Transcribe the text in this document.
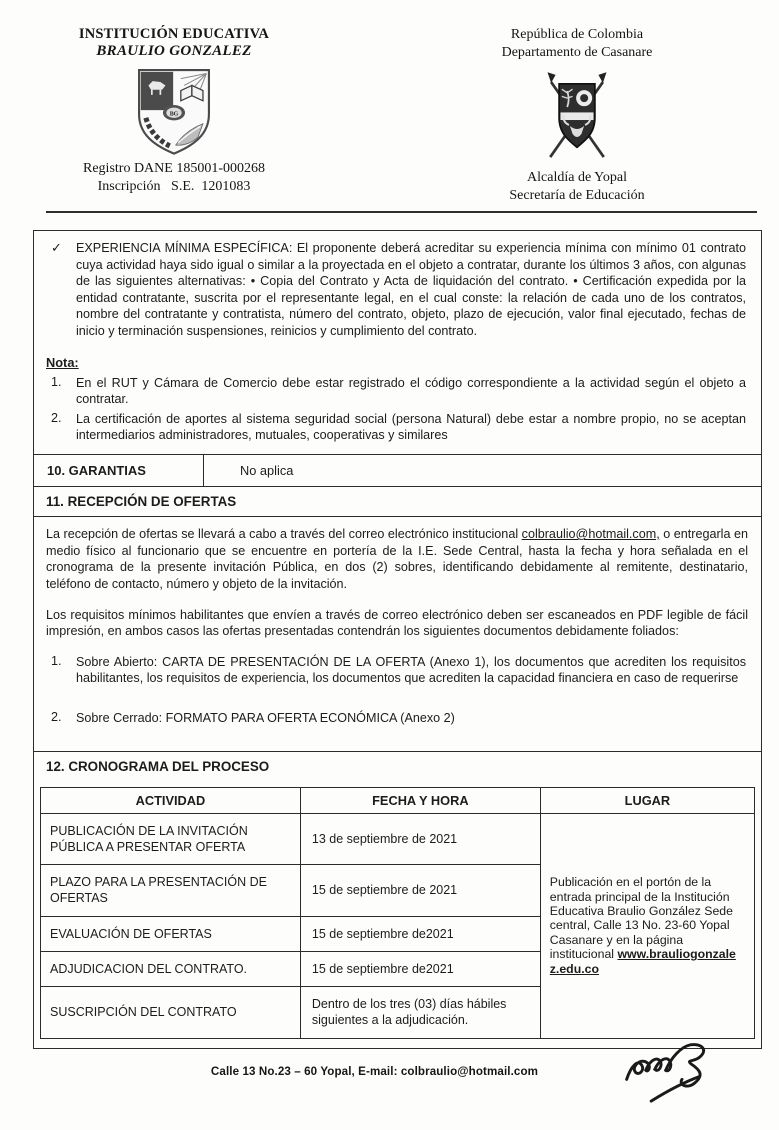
INSTITUCIÓN EDUCATIVA
BRAULIO GONZALEZ
BG
Registro DANE 185001-000268
Inscripción   S.E.  1201083
República de Colombia
Departamento de Casanare
Alcaldía de Yopal
Secretaría de Educación
✓	EXPERIENCIA MÍNIMA ESPECÍFICA: El proponente deberá acreditar su experiencia mínima con mínimo 01 contrato cuya actividad haya sido igual o similar a la proyectada en el objeto a contratar, durante los últimos 3 años, con algunas de las siguientes alternativas: • Copia del Contrato y Acta de liquidación del contrato. • Certificación expedida por la entidad contratante, suscrita por el representante legal, en el cual conste: la relación de cada uno de los contratos, nombre del contratante y contratista, número del contrato, objeto, plazo de ejecución, valor final ejecutado, fechas de inicio y terminación suspensiones, reinicios y cumplimiento del contrato.

Nota:
1.	En el RUT y Cámara de Comercio debe estar registrado el código correspondiente a la actividad según el objeto a contratar.

2.	La certificación de aportes al sistema seguridad social (persona Natural) debe estar a nombre propio, no se aceptan intermediarios administradores, mutuales, cooperativas y similares

10. GARANTIAS	No aplica
11. RECEPCIÓN DE OFERTAS

La recepción de ofertas se llevará a cabo a través del correo electrónico institucional colbraulio@hotmail.com, o entregarla en medio físico al funcionario que se encuentre en portería de la I.E. Sede Central, hasta la fecha y hora señalada en el cronograma de la presente invitación Pública, en dos (2) sobres, identificando debidamente al remitente, destinatario, teléfono de contacto, número y objeto de la invitación.

Los requisitos mínimos habilitantes que envíen a través de correo electrónico deben ser escaneados en PDF legible de fácil impresión, en ambos casos las ofertas presentadas contendrán los siguientes documentos debidamente foliados:

1.	Sobre Abierto: CARTA DE PRESENTACIÓN DE LA OFERTA (Anexo 1), los documentos que acrediten los requisitos habilitantes, los requisitos de experiencia, los documentos que acrediten la capacidad financiera en caso de requerirse

2.	Sobre Cerrado: FORMATO PARA OFERTA ECONÓMICA (Anexo 2)

12. CRONOGRAMA DEL PROCESO
ACTIVIDAD	FECHA Y HORA	LUGAR
PUBLICACIÓN DE LA INVITACIÓN PÚBLICA A PRESENTAR OFERTA	13 de septiembre de 2021	Publicación en el portón de la entrada principal de la Institución Educativa Braulio González Sede central, Calle 13 No. 23-60 Yopal Casanare y en la página institucional www.brauliogonzalez.edu.co
PLAZO PARA LA PRESENTACIÓN DE OFERTAS	15 de septiembre de 2021	
EVALUACIÓN DE OFERTAS	15 de septiembre de2021	
ADJUDICACION DEL CONTRATO.	15 de septiembre de2021	
SUSCRIPCIÓN DEL CONTRATO	Dentro de los tres (03) días hábiles siguientes a la adjudicación.	
Calle 13 No.23 – 60 Yopal, E-mail: colbraulio@hotmail.com
